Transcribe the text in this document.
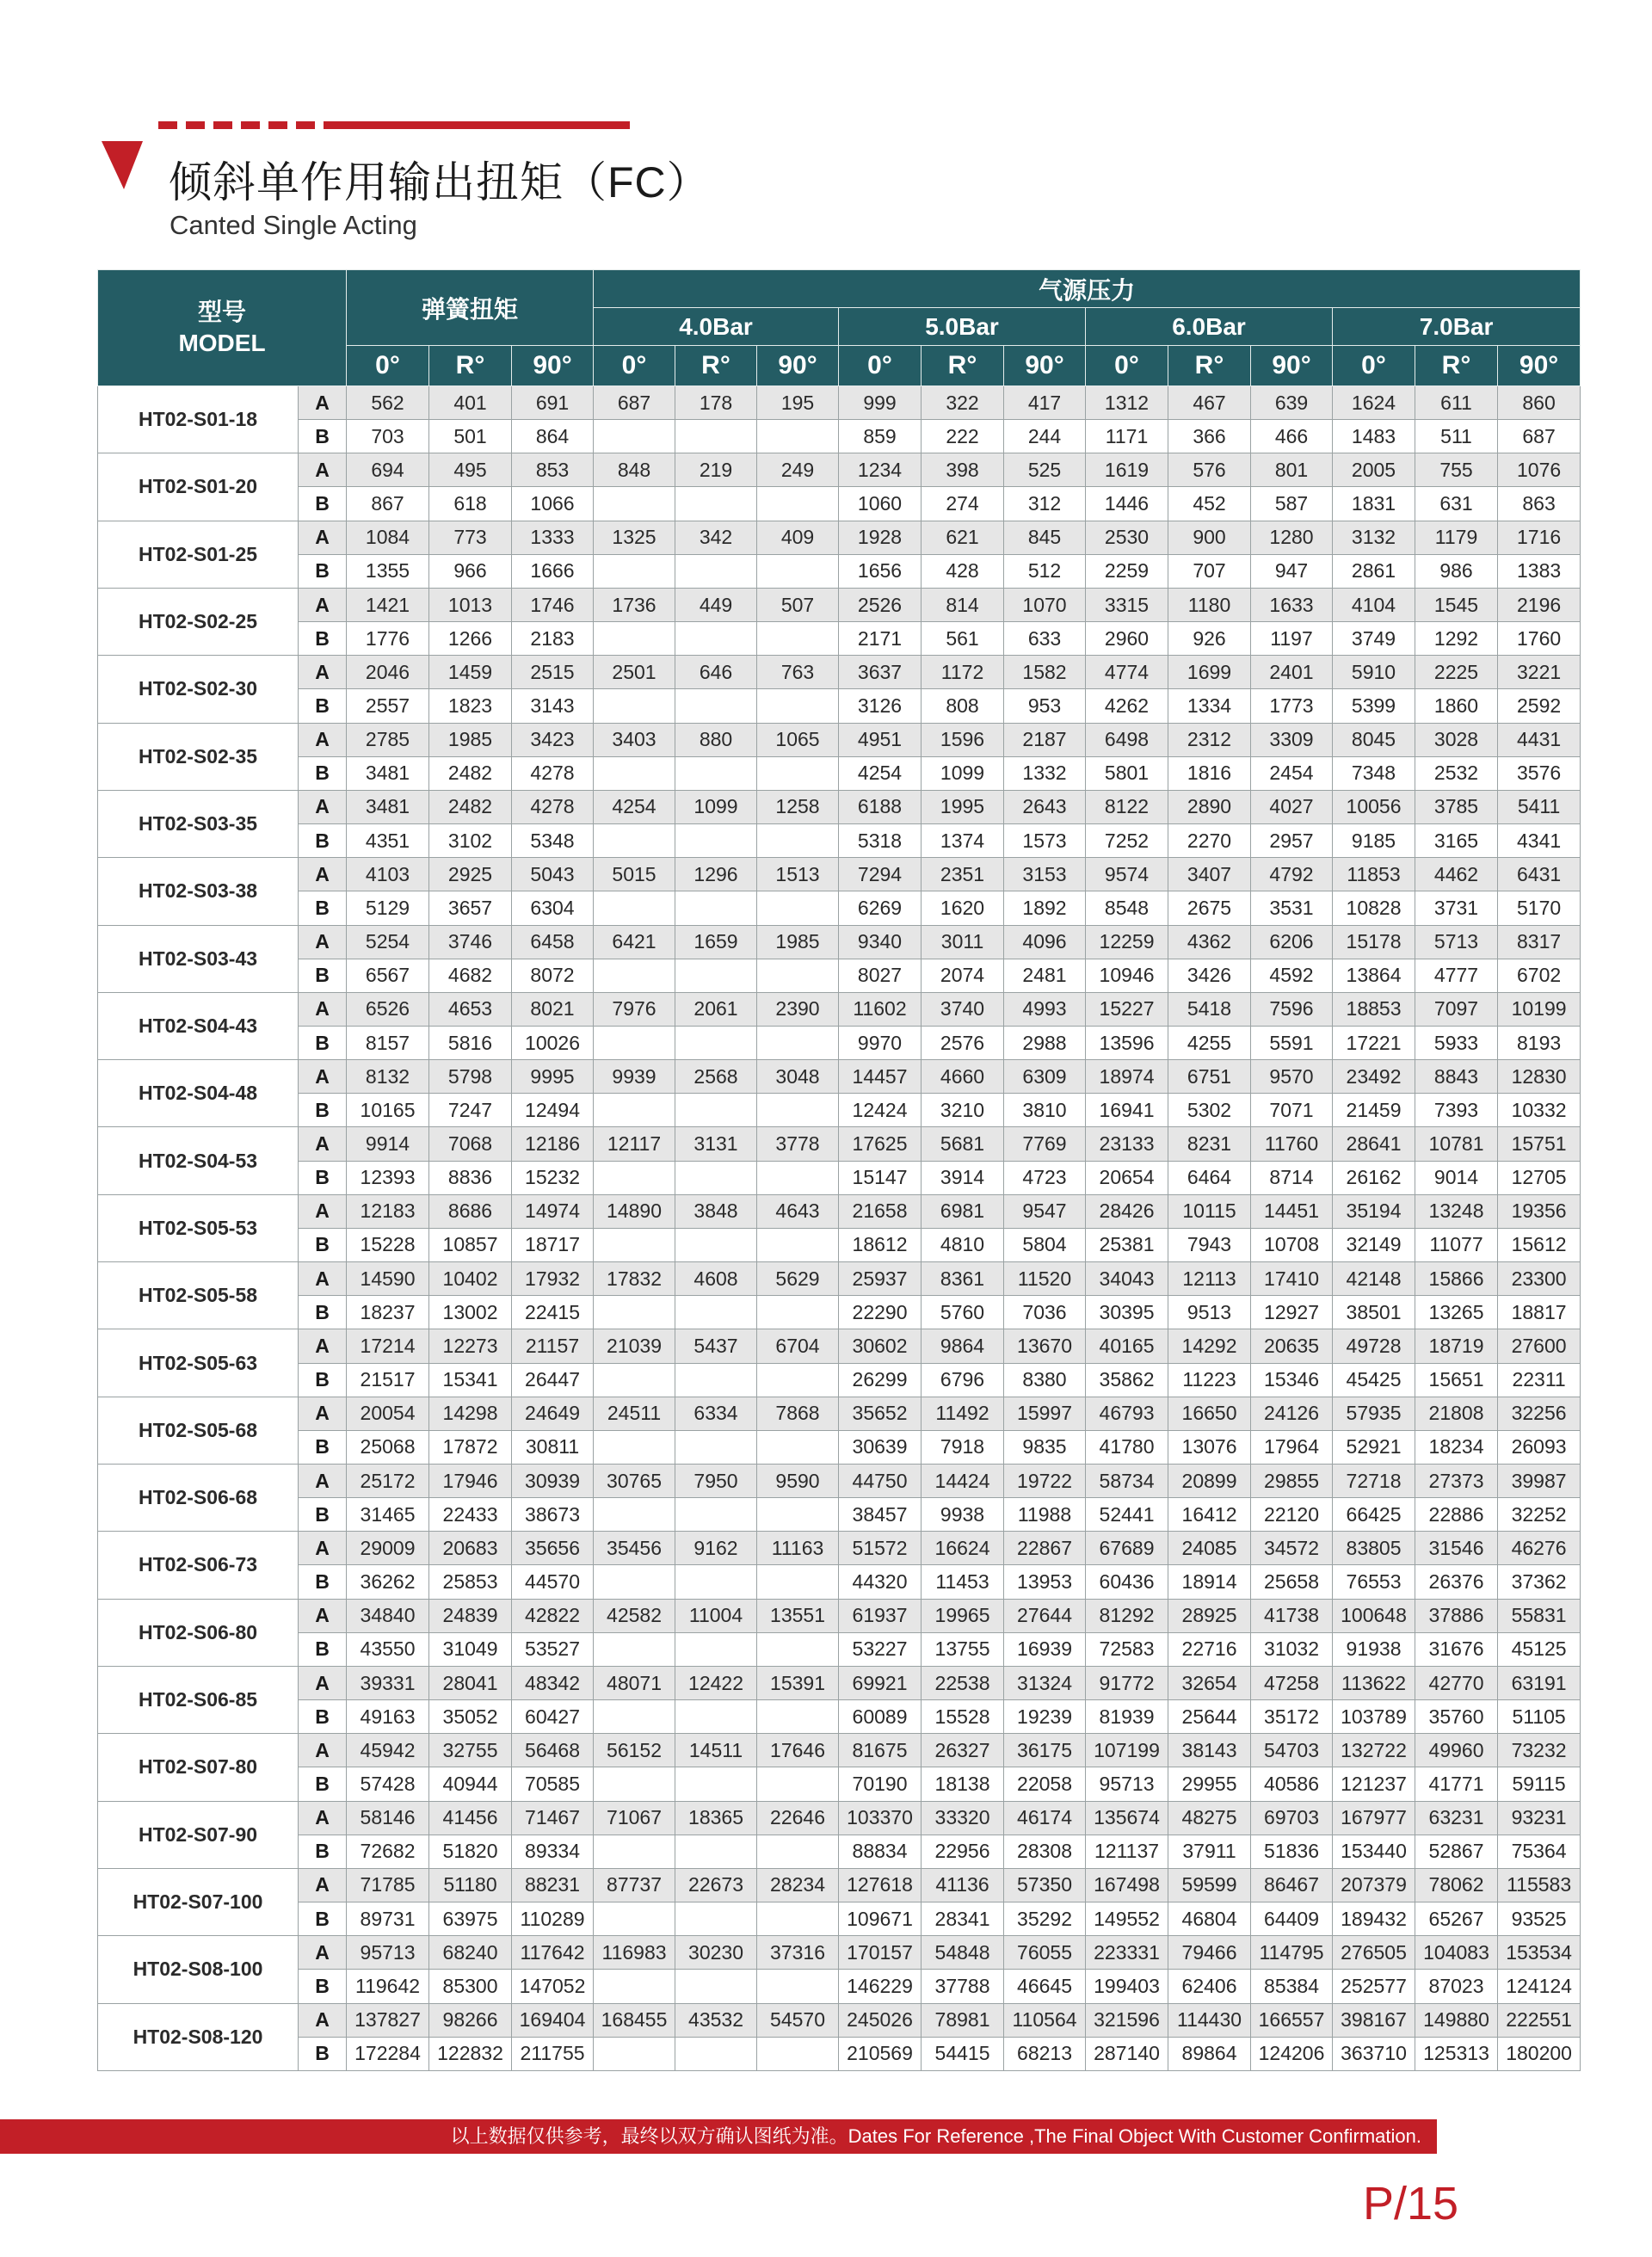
倾斜单作用输出扭矩（FC）
Canted Single Acting
型号
MODEL		弹簧扭矩			气源压力											
					4.0Bar			5.0Bar			6.0Bar			7.0Bar		
		0°	R°	90°	0°	R°	90°	0°	R°	90°	0°	R°	90°	0°	R°	90°
HT02-S01-18	A	562	401	691	687	178	195	999	322	417	1312	467	639	1624	611	860
	B	703	501	864				859	222	244	1171	366	466	1483	511	687
HT02-S01-20	A	694	495	853	848	219	249	1234	398	525	1619	576	801	2005	755	1076
	B	867	618	1066				1060	274	312	1446	452	587	1831	631	863
HT02-S01-25	A	1084	773	1333	1325	342	409	1928	621	845	2530	900	1280	3132	1179	1716
	B	1355	966	1666				1656	428	512	2259	707	947	2861	986	1383
HT02-S02-25	A	1421	1013	1746	1736	449	507	2526	814	1070	3315	1180	1633	4104	1545	2196
	B	1776	1266	2183				2171	561	633	2960	926	1197	3749	1292	1760
HT02-S02-30	A	2046	1459	2515	2501	646	763	3637	1172	1582	4774	1699	2401	5910	2225	3221
	B	2557	1823	3143				3126	808	953	4262	1334	1773	5399	1860	2592
HT02-S02-35	A	2785	1985	3423	3403	880	1065	4951	1596	2187	6498	2312	3309	8045	3028	4431
	B	3481	2482	4278				4254	1099	1332	5801	1816	2454	7348	2532	3576
HT02-S03-35	A	3481	2482	4278	4254	1099	1258	6188	1995	2643	8122	2890	4027	10056	3785	5411
	B	4351	3102	5348				5318	1374	1573	7252	2270	2957	9185	3165	4341
HT02-S03-38	A	4103	2925	5043	5015	1296	1513	7294	2351	3153	9574	3407	4792	11853	4462	6431
	B	5129	3657	6304				6269	1620	1892	8548	2675	3531	10828	3731	5170
HT02-S03-43	A	5254	3746	6458	6421	1659	1985	9340	3011	4096	12259	4362	6206	15178	5713	8317
	B	6567	4682	8072				8027	2074	2481	10946	3426	4592	13864	4777	6702
HT02-S04-43	A	6526	4653	8021	7976	2061	2390	11602	3740	4993	15227	5418	7596	18853	7097	10199
	B	8157	5816	10026				9970	2576	2988	13596	4255	5591	17221	5933	8193
HT02-S04-48	A	8132	5798	9995	9939	2568	3048	14457	4660	6309	18974	6751	9570	23492	8843	12830
	B	10165	7247	12494				12424	3210	3810	16941	5302	7071	21459	7393	10332
HT02-S04-53	A	9914	7068	12186	12117	3131	3778	17625	5681	7769	23133	8231	11760	28641	10781	15751
	B	12393	8836	15232				15147	3914	4723	20654	6464	8714	26162	9014	12705
HT02-S05-53	A	12183	8686	14974	14890	3848	4643	21658	6981	9547	28426	10115	14451	35194	13248	19356
	B	15228	10857	18717				18612	4810	5804	25381	7943	10708	32149	11077	15612
HT02-S05-58	A	14590	10402	17932	17832	4608	5629	25937	8361	11520	34043	12113	17410	42148	15866	23300
	B	18237	13002	22415				22290	5760	7036	30395	9513	12927	38501	13265	18817
HT02-S05-63	A	17214	12273	21157	21039	5437	6704	30602	9864	13670	40165	14292	20635	49728	18719	27600
	B	21517	15341	26447				26299	6796	8380	35862	11223	15346	45425	15651	22311
HT02-S05-68	A	20054	14298	24649	24511	6334	7868	35652	11492	15997	46793	16650	24126	57935	21808	32256
	B	25068	17872	30811				30639	7918	9835	41780	13076	17964	52921	18234	26093
HT02-S06-68	A	25172	17946	30939	30765	7950	9590	44750	14424	19722	58734	20899	29855	72718	27373	39987
	B	31465	22433	38673				38457	9938	11988	52441	16412	22120	66425	22886	32252
HT02-S06-73	A	29009	20683	35656	35456	9162	11163	51572	16624	22867	67689	24085	34572	83805	31546	46276
	B	36262	25853	44570				44320	11453	13953	60436	18914	25658	76553	26376	37362
HT02-S06-80	A	34840	24839	42822	42582	11004	13551	61937	19965	27644	81292	28925	41738	100648	37886	55831
	B	43550	31049	53527				53227	13755	16939	72583	22716	31032	91938	31676	45125
HT02-S06-85	A	39331	28041	48342	48071	12422	15391	69921	22538	31324	91772	32654	47258	113622	42770	63191
	B	49163	35052	60427				60089	15528	19239	81939	25644	35172	103789	35760	51105
HT02-S07-80	A	45942	32755	56468	56152	14511	17646	81675	26327	36175	107199	38143	54703	132722	49960	73232
	B	57428	40944	70585				70190	18138	22058	95713	29955	40586	121237	41771	59115
HT02-S07-90	A	58146	41456	71467	71067	18365	22646	103370	33320	46174	135674	48275	69703	167977	63231	93231
	B	72682	51820	89334				88834	22956	28308	121137	37911	51836	153440	52867	75364
HT02-S07-100	A	71785	51180	88231	87737	22673	28234	127618	41136	57350	167498	59599	86467	207379	78062	115583
	B	89731	63975	110289				109671	28341	35292	149552	46804	64409	189432	65267	93525
HT02-S08-100	A	95713	68240	117642	116983	30230	37316	170157	54848	76055	223331	79466	114795	276505	104083	153534
	B	119642	85300	147052				146229	37788	46645	199403	62406	85384	252577	87023	124124
HT02-S08-120	A	137827	98266	169404	168455	43532	54570	245026	78981	110564	321596	114430	166557	398167	149880	222551
	B	172284	122832	211755				210569	54415	68213	287140	89864	124206	363710	125313	180200
以上数据仅供参考，最终以双方确认图纸为准。Dates For Reference ,The Final Object With Customer Confirmation.
P/15
